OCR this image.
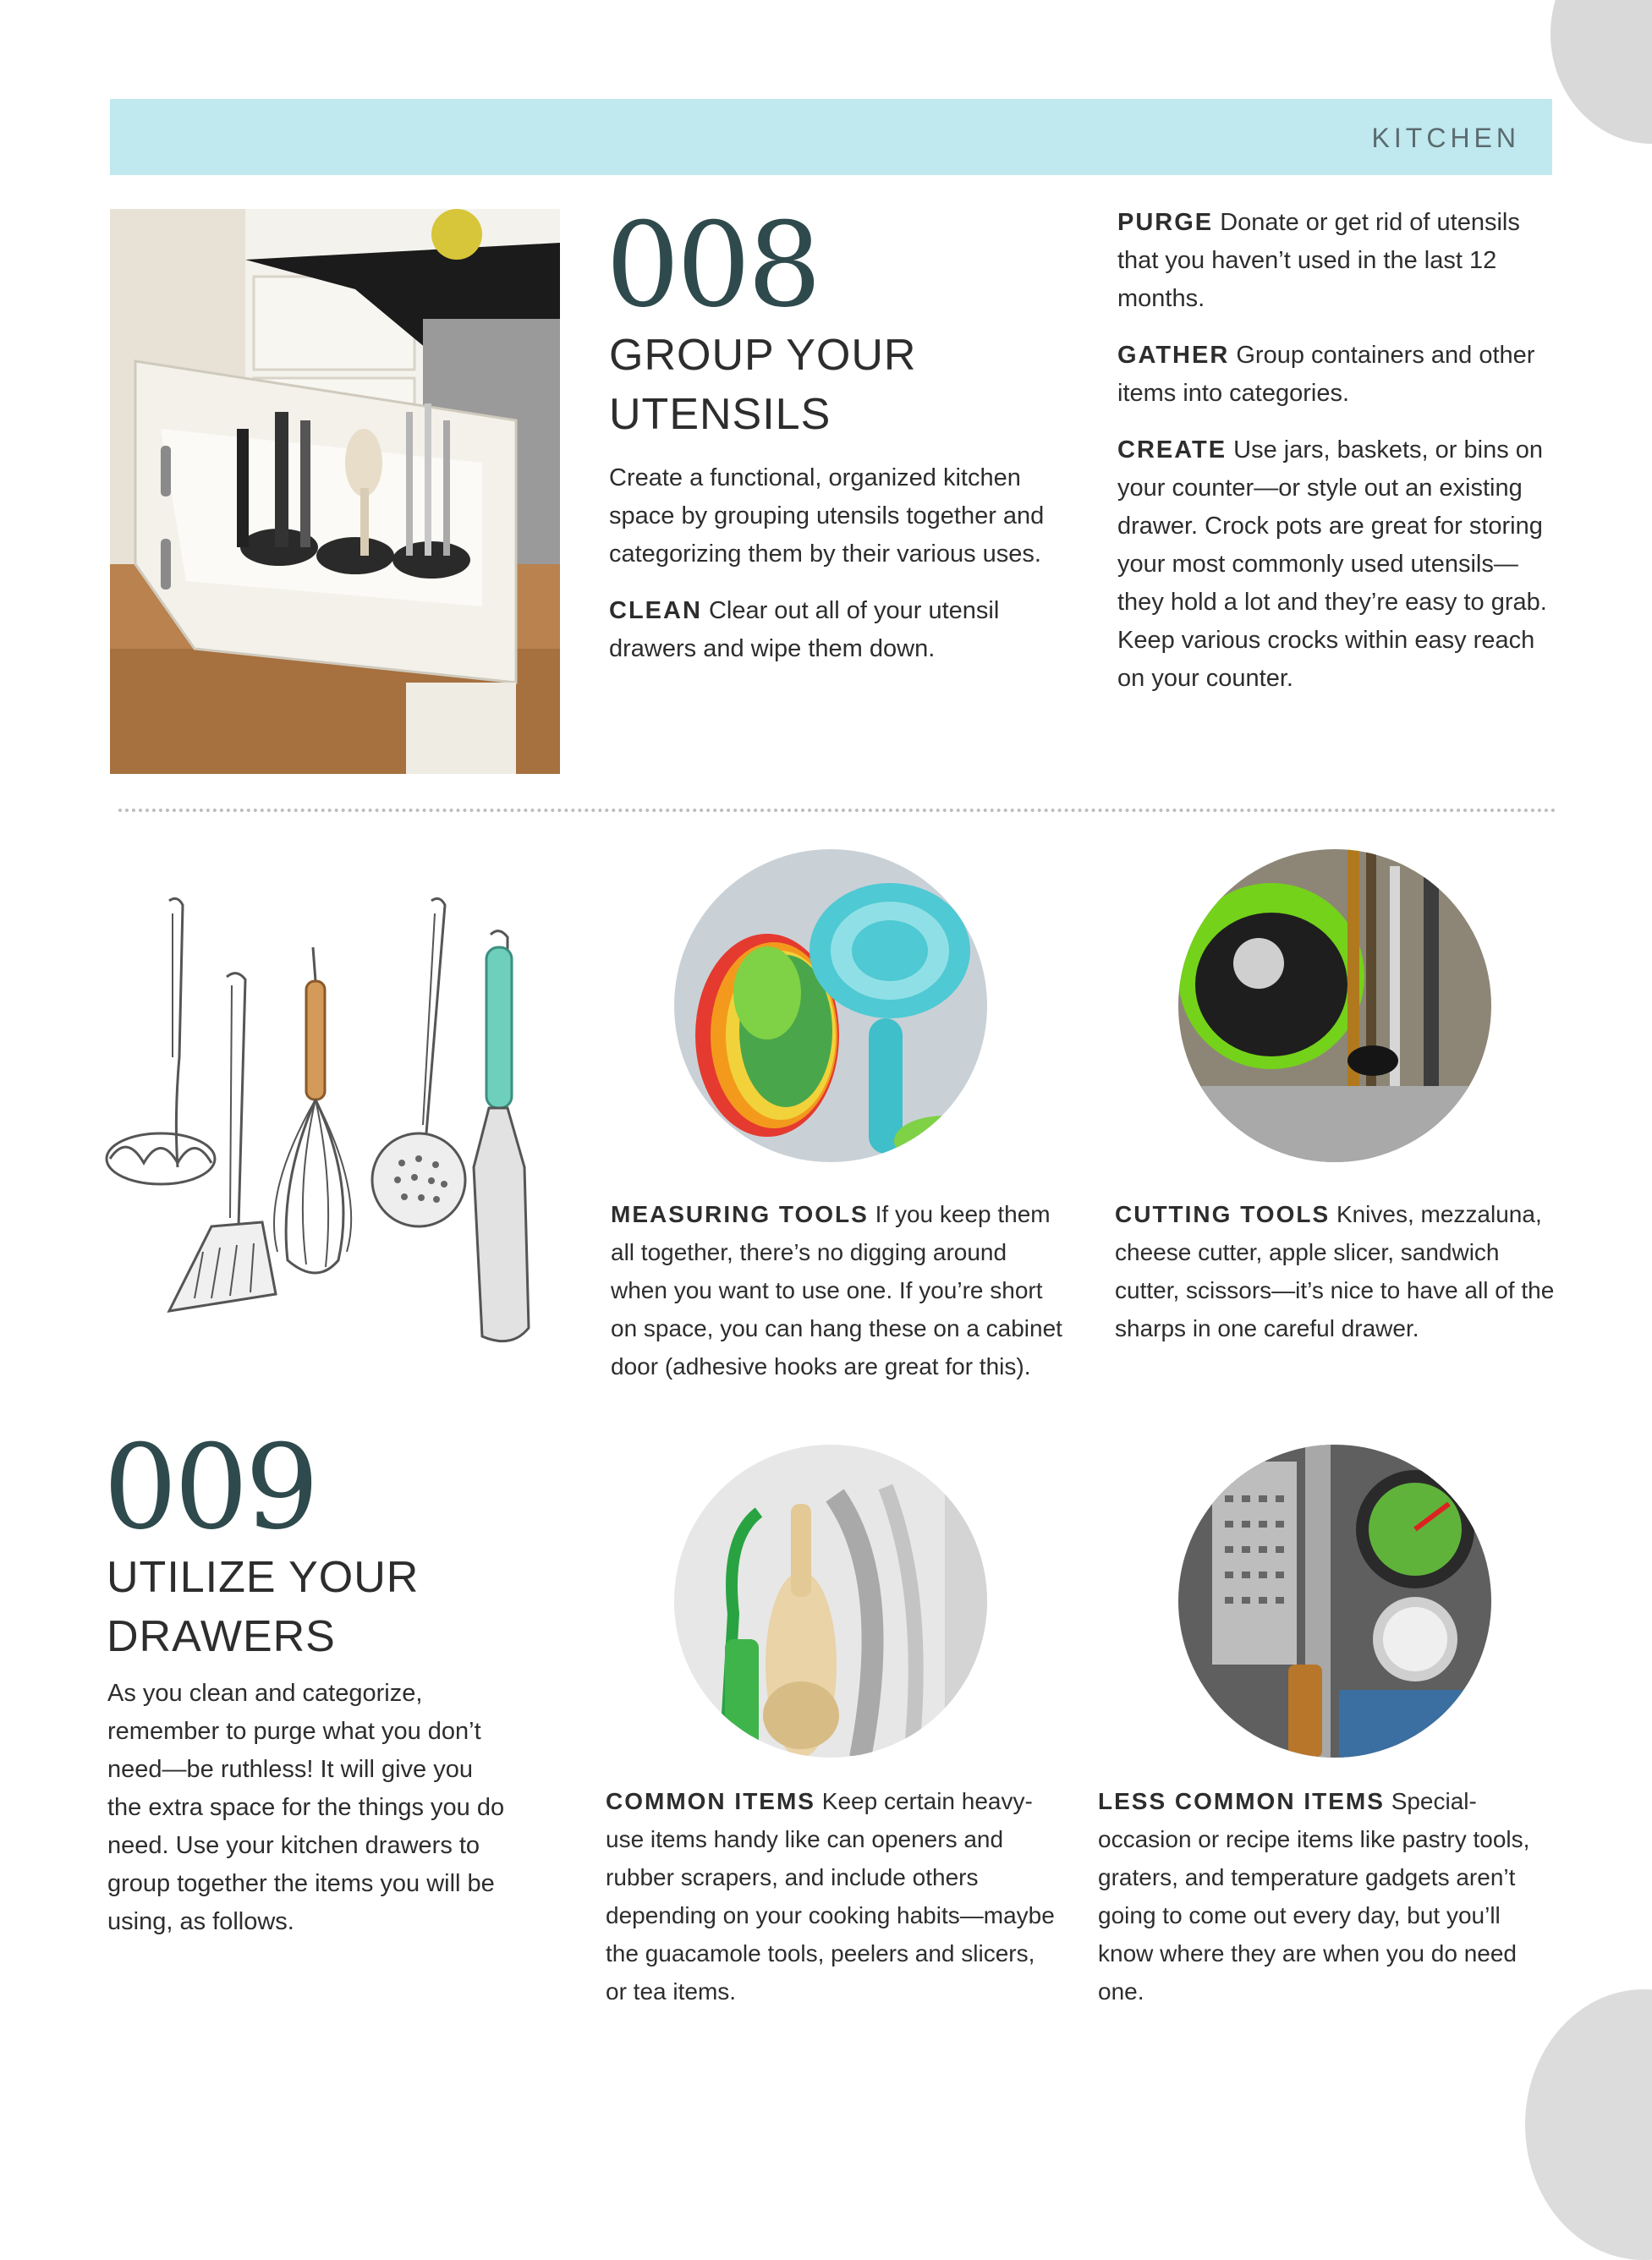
KITCHEN
008
GROUP YOUR
UTENSILS

Create a functional, organized kitchen space by grouping utensils together and categorizing them by their various uses.

CLEAN Clear out all of your utensil drawers and wipe them down.

PURGE Donate or get rid of utensils that you haven’t used in the last 12 months.

GATHER Group containers and other items into categories.

CREATE Use jars, baskets, or bins on your counter—or style out an existing drawer. Crock pots are great for storing your most commonly used utensils—they hold a lot and they’re easy to grab. Keep various crocks within easy reach on your counter.

MEASURING TOOLS If you keep them all together, there’s no digging around when you want to use one. If you’re short on space, you can hang these on a cabinet door (adhesive hooks are great for this).
CUTTING TOOLS Knives, mezzaluna, cheese cutter, apple slicer, sandwich cutter, scissors—it’s nice to have all of the sharps in one careful drawer.
COMMON ITEMS Keep certain heavy-use items handy like can openers and rubber scrapers, and include others depending on your cooking habits—maybe the guacamole tools, peelers and slicers, or tea items.
LESS COMMON ITEMS Special-occasion or recipe items like pastry tools, graters, and temperature gadgets aren’t going to come out every day, but you’ll know where they are when you do need one.
009
UTILIZE YOUR
DRAWERS

As you clean and categorize, remember to purge what you don’t need—be ruthless! It will give you the extra space for the things you do need. Use your kitchen drawers to group together the items you will be using, as follows.
